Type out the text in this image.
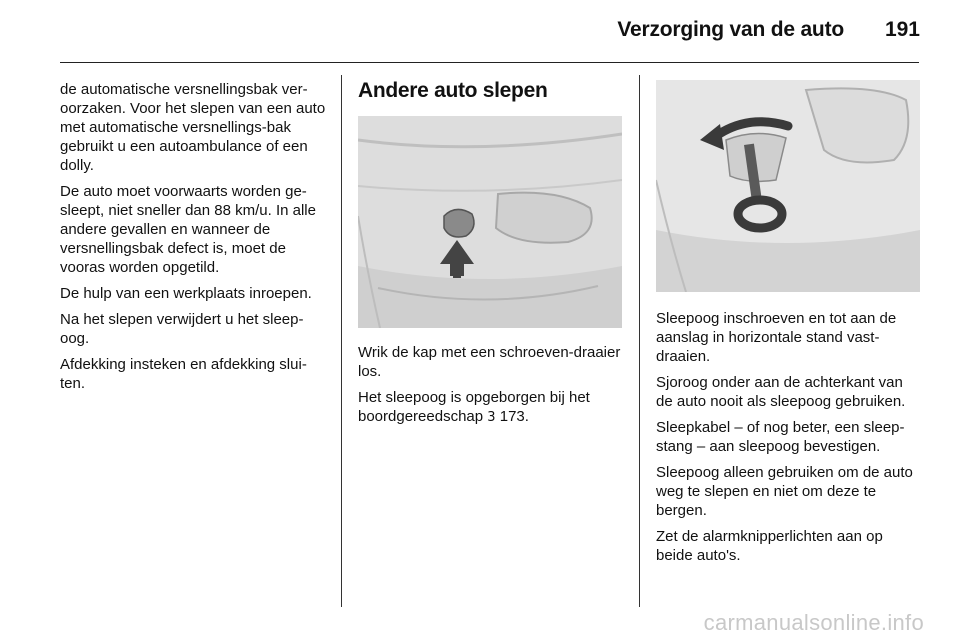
Verzorging van de auto 191

de automatische versnellingsbak ver-oorzaken. Voor het slepen van een auto met automatische versnellings-bak gebruikt u een autoambulance of een dolly.

De auto moet voorwaarts worden ge-sleept, niet sneller dan 88 km/u. In alle andere gevallen en wanneer de versnellingsbak defect is, moet de vooras worden opgetild.

De hulp van een werkplaats inroepen.

Na het slepen verwijdert u het sleep-oog.

Afdekking insteken en afdekking slui-ten.

Andere auto slepen

Wrik de kap met een schroeven-draaier los.

Het sleepoog is opgeborgen bij het boordgereedschap 3 173.

Sleepoog inschroeven en tot aan de aanslag in horizontale stand vast-draaien.

Sjoroog onder aan de achterkant van de auto nooit als sleepoog gebruiken.

Sleepkabel – of nog beter, een sleep-stang – aan sleepoog bevestigen.

Sleepoog alleen gebruiken om de auto weg te slepen en niet om deze te bergen.

Zet de alarmknipperlichten aan op beide auto's.

carmanualsonline.info
